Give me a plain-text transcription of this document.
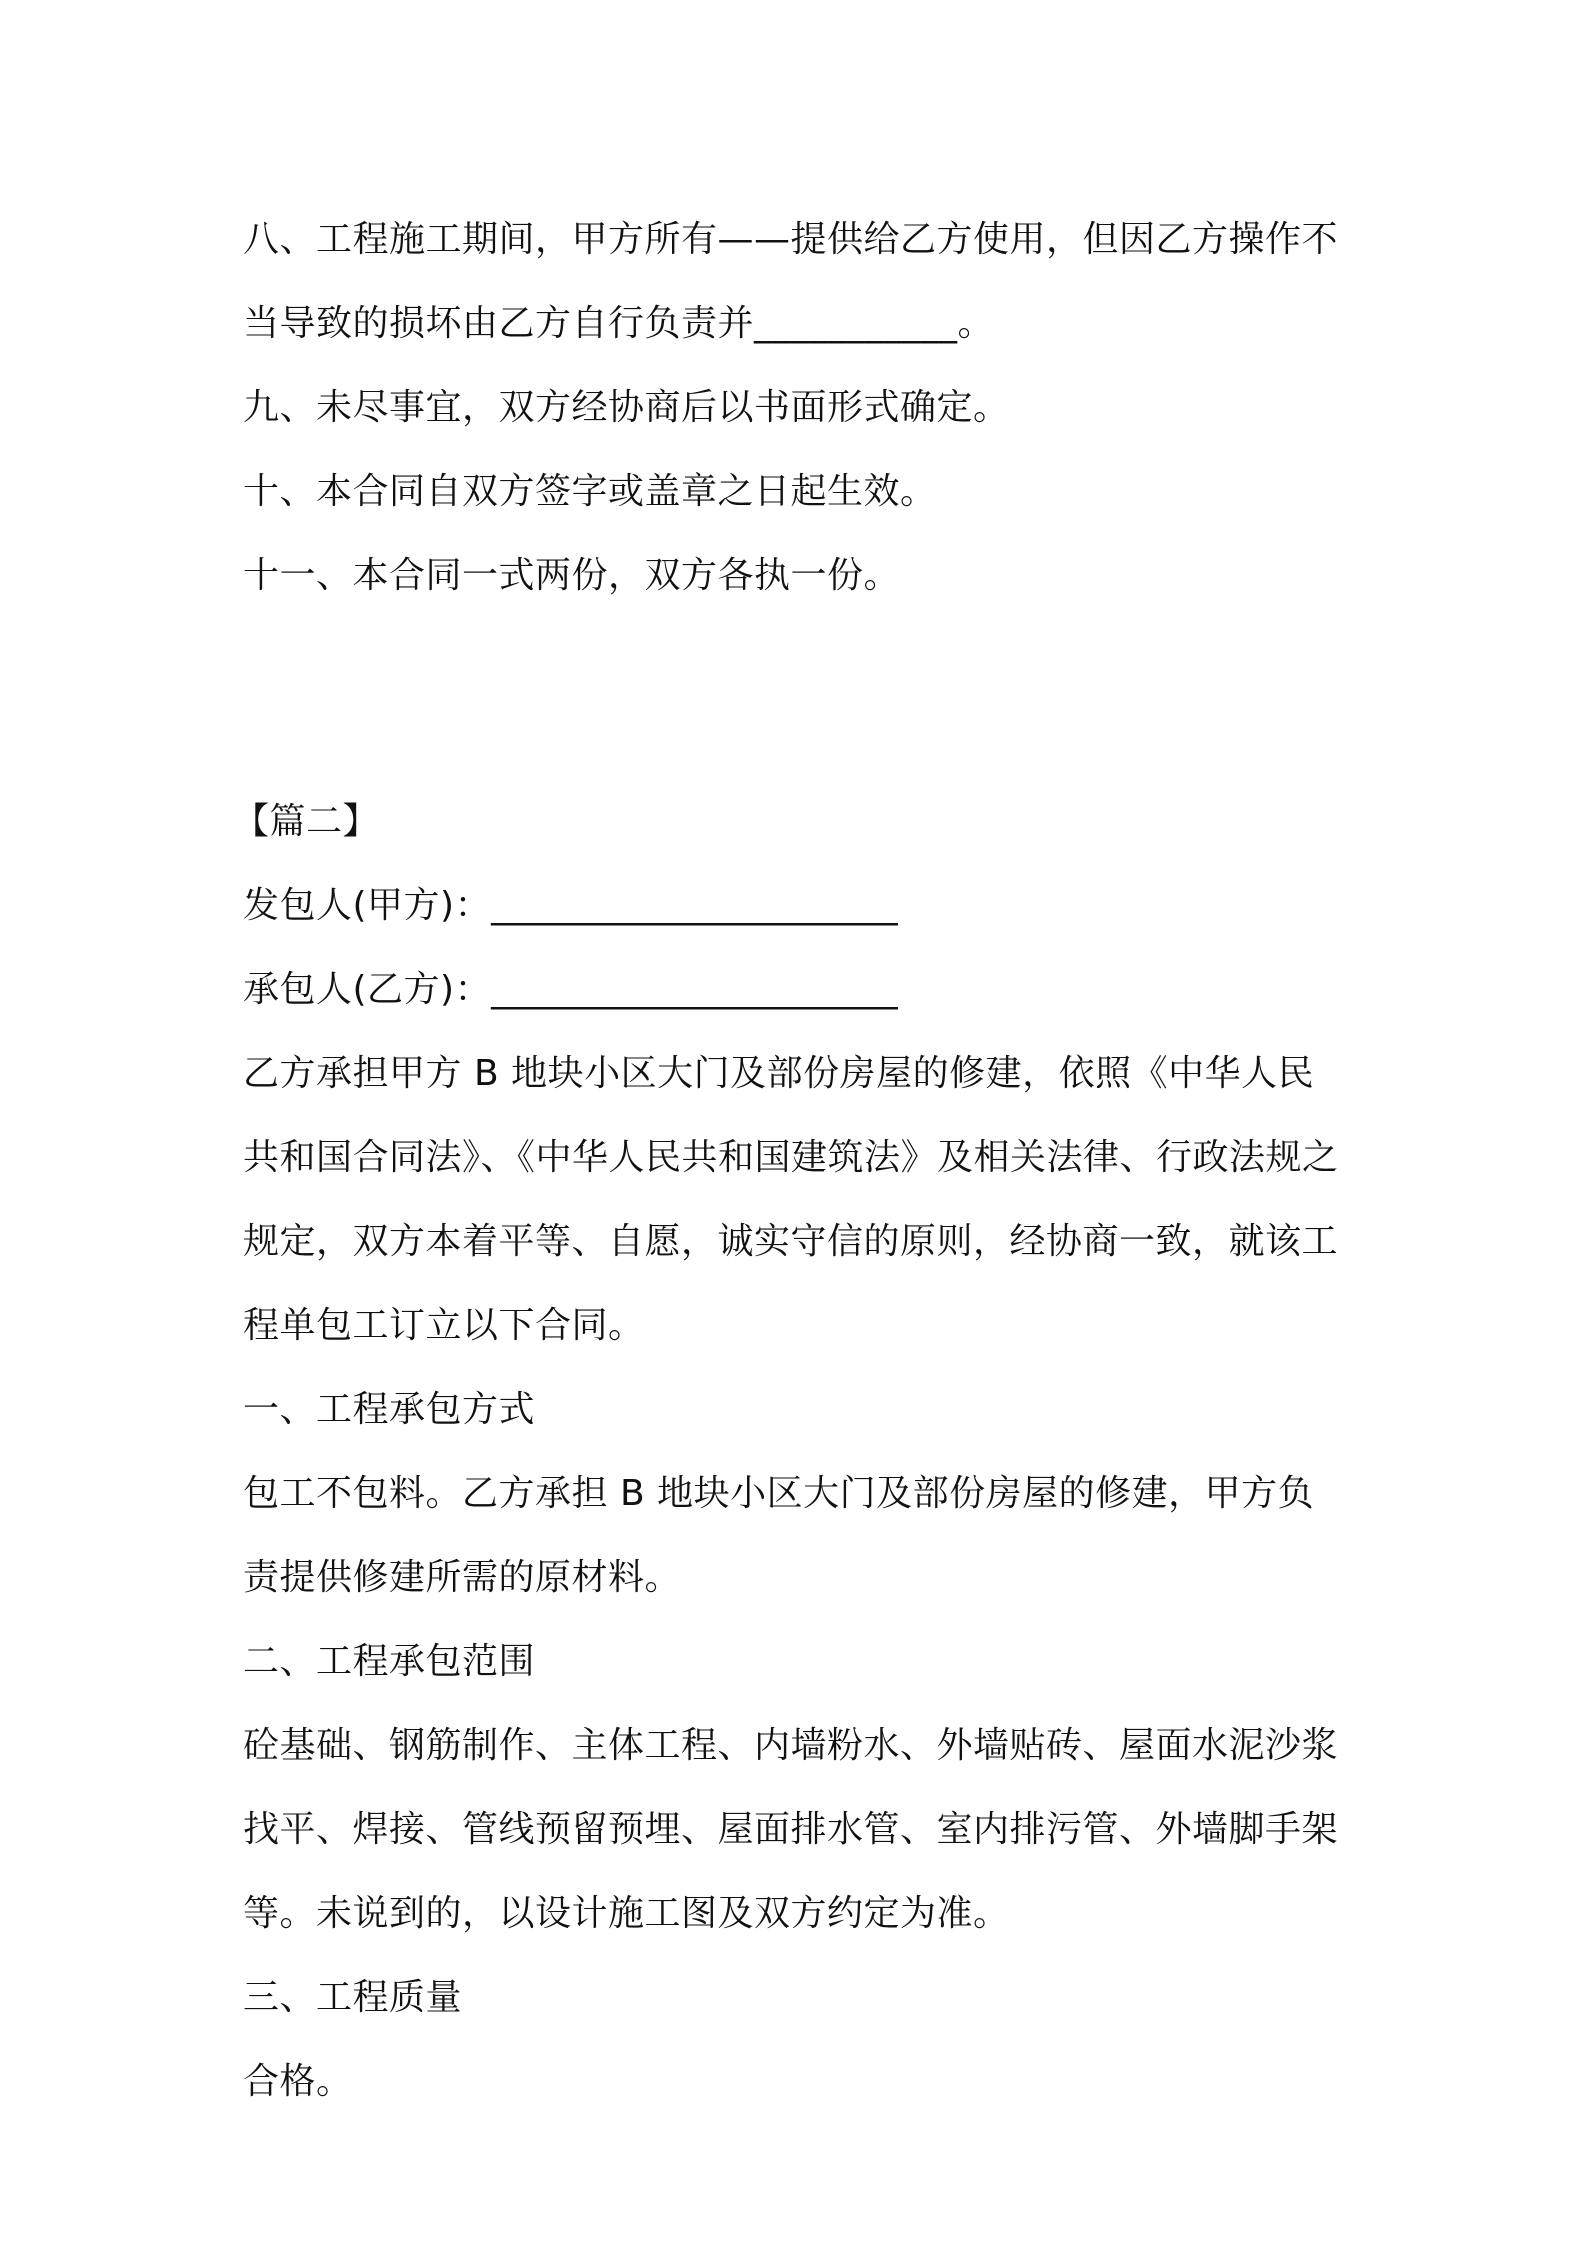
八、工程施工期间，甲方所有——提供给乙方使用，但因乙方操作不
当导致的损坏由乙方自行负责并___________。
九、未尽事宜，双方经协商后以书面形式确定。
十、本合同自双方签字或盖章之日起生效。
十一、本合同一式两份，双方各执一份。
【篇二】
发包人(甲方)：______________________
承包人(乙方)：______________________
乙方承担甲方 B 地块小区大门及部份房屋的修建，依照《中华人民
共和国合同法》、《中华人民共和国建筑法》及相关法律、行政法规之
规定，双方本着平等、自愿，诚实守信的原则，经协商一致，就该工
程单包工订立以下合同。
一、工程承包方式
包工不包料。乙方承担 B 地块小区大门及部份房屋的修建，甲方负
责提供修建所需的原材料。
二、工程承包范围
砼基础、钢筋制作、主体工程、内墙粉水、外墙贴砖、屋面水泥沙浆
找平、焊接、管线预留预埋、屋面排水管、室内排污管、外墙脚手架
等。未说到的，以设计施工图及双方约定为准。
三、工程质量
合格。
